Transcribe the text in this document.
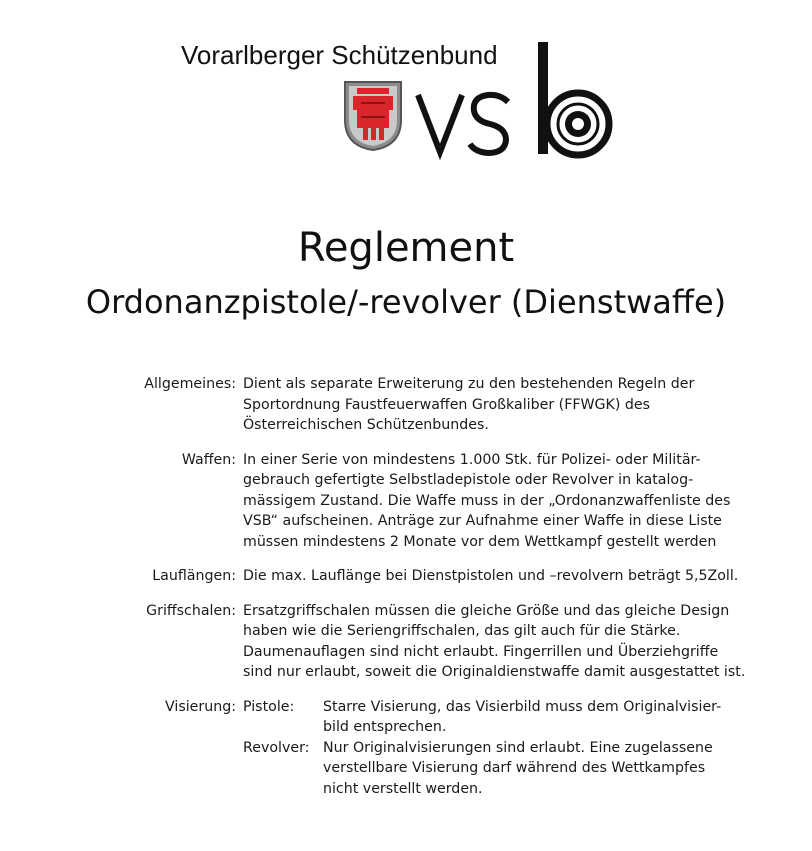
Vorarlberger Schützenbund
Reglement
Ordonanzpistole/-revolver (Dienstwaffe)
Allgemeines: Dient als separate Erweiterung zu den bestehenden Regeln der
Sportordnung Faustfeuerwaffen Großkaliber (FFWGK) des
Österreichischen Schützenbundes.
Waffen: In einer Serie von mindestens 1.000 Stk. für Polizei- oder Militär-
gebrauch gefertigte Selbstladepistole oder Revolver in katalog-
mässigem Zustand. Die Waffe muss in der „Ordonanzwaffenliste des
VSB“ aufscheinen. Anträge zur Aufnahme einer Waffe in diese Liste
müssen mindestens 2 Monate vor dem Wettkampf gestellt werden
Lauflängen: Die max. Lauflänge bei Dienstpistolen und –revolvern beträgt 5,5Zoll.
Griffschalen: Ersatzgriffschalen müssen die gleiche Größe und das gleiche Design
haben wie die Seriengriffschalen, das gilt auch für die Stärke.
Daumenauflagen sind nicht erlaubt. Fingerrillen und Überziehgriffe
sind nur erlaubt, soweit die Originaldienstwaffe damit ausgestattet ist.
Visierung: Pistole:	Starre Visierung, das Visierbild muss dem Originalvisier-
bild entsprechen.
Revolver: Nur Originalvisierungen sind erlaubt. Eine zugelassene
verstellbare Visierung darf während des Wettkampfes
nicht verstellt werden.
